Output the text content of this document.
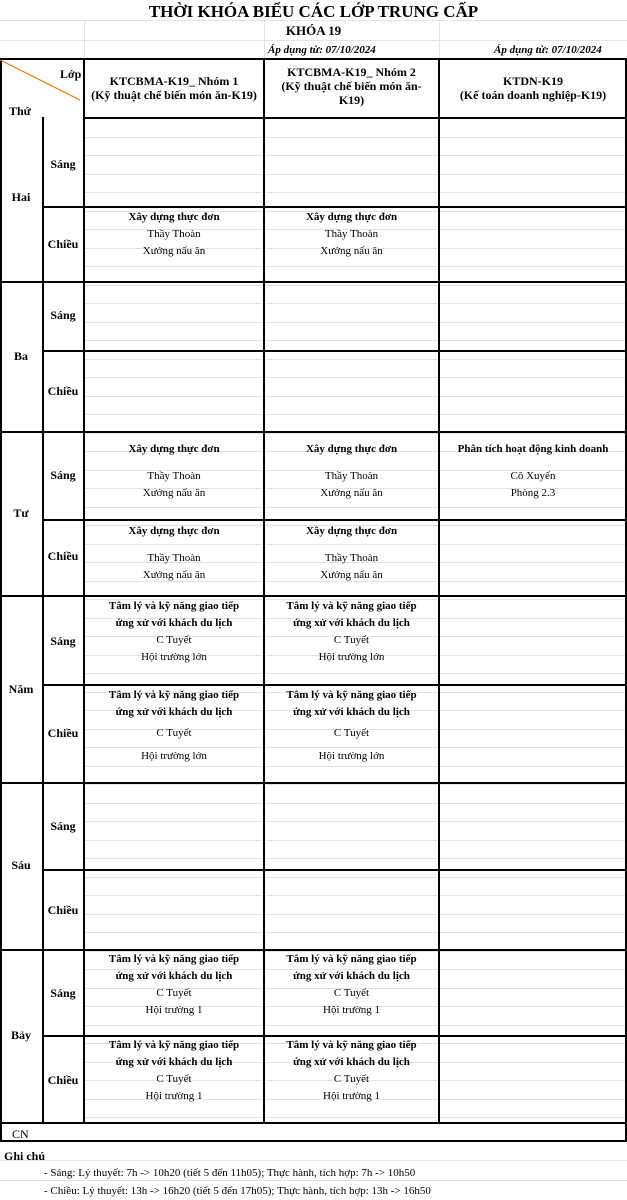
THỜI KHÓA BIỂU CÁC LỚP TRUNG CẤP
KHÓA 19
Áp dụng từ: 07/10/2024	Áp dụng từ: 07/10/2024
Lớp
Thứ
KTCBMA-K19_ Nhóm 1
(Kỹ thuật chế biến món ăn-K19)
KTCBMA-K19_ Nhóm 2
(Kỹ thuật chế biến món ăn-
K19)
KTDN-K19
(Kế toán doanh nghiệp-K19)
Hai
Ba
Tư
Năm
Sáu
Bảy
CN
Sáng
Chiều
Sáng
Chiều
Sáng
Chiều
Sáng
Chiều
Sáng
Chiều
Sáng
Chiều
Xây dựng thực đơn
Thầy Thoàn
Xưởng nấu ăn
Xây dựng thực đơn
Thầy Thoàn
Xưởng nấu ăn
Xây dựng thực đơn
Thầy Thoàn
Xưởng nấu ăn
Xây dựng thực đơn
Thầy Thoàn
Xưởng nấu ăn
Phân tích hoạt động kinh doanh
Cô Xuyến
Phòng 2.3
Xây dựng thực đơn
Thầy Thoàn
Xưởng nấu ăn
Xây dựng thực đơn
Thầy Thoàn
Xưởng nấu ăn
Tâm lý và kỹ năng giao tiếp
ứng xử với khách du lịch
C Tuyết
Hội trường lớn
Tâm lý và kỹ năng giao tiếp
ứng xử với khách du lịch
C Tuyết
Hội trường lớn
Tâm lý và kỹ năng giao tiếp
ứng xử với khách du lịch
C Tuyết
Hội trường lớn
Tâm lý và kỹ năng giao tiếp
ứng xử với khách du lịch
C Tuyết
Hội trường lớn
Tâm lý và kỹ năng giao tiếp
ứng xử với khách du lịch
C Tuyết
Hội trường 1
Tâm lý và kỹ năng giao tiếp
ứng xử với khách du lịch
C Tuyết
Hội trường 1
Tâm lý và kỹ năng giao tiếp
ứng xử với khách du lịch
C Tuyết
Hội trường 1
Tâm lý và kỹ năng giao tiếp
ứng xử với khách du lịch
C Tuyết
Hội trường 1
Ghi chú
- Sáng: Lý thuyết: 7h -> 10h20 (tiết 5 đến 11h05); Thực hành, tích hợp: 7h -> 10h50
- Chiều: Lý thuyết: 13h -> 16h20 (tiết 5 đến 17h05); Thực hành, tích hợp: 13h -> 16h50
